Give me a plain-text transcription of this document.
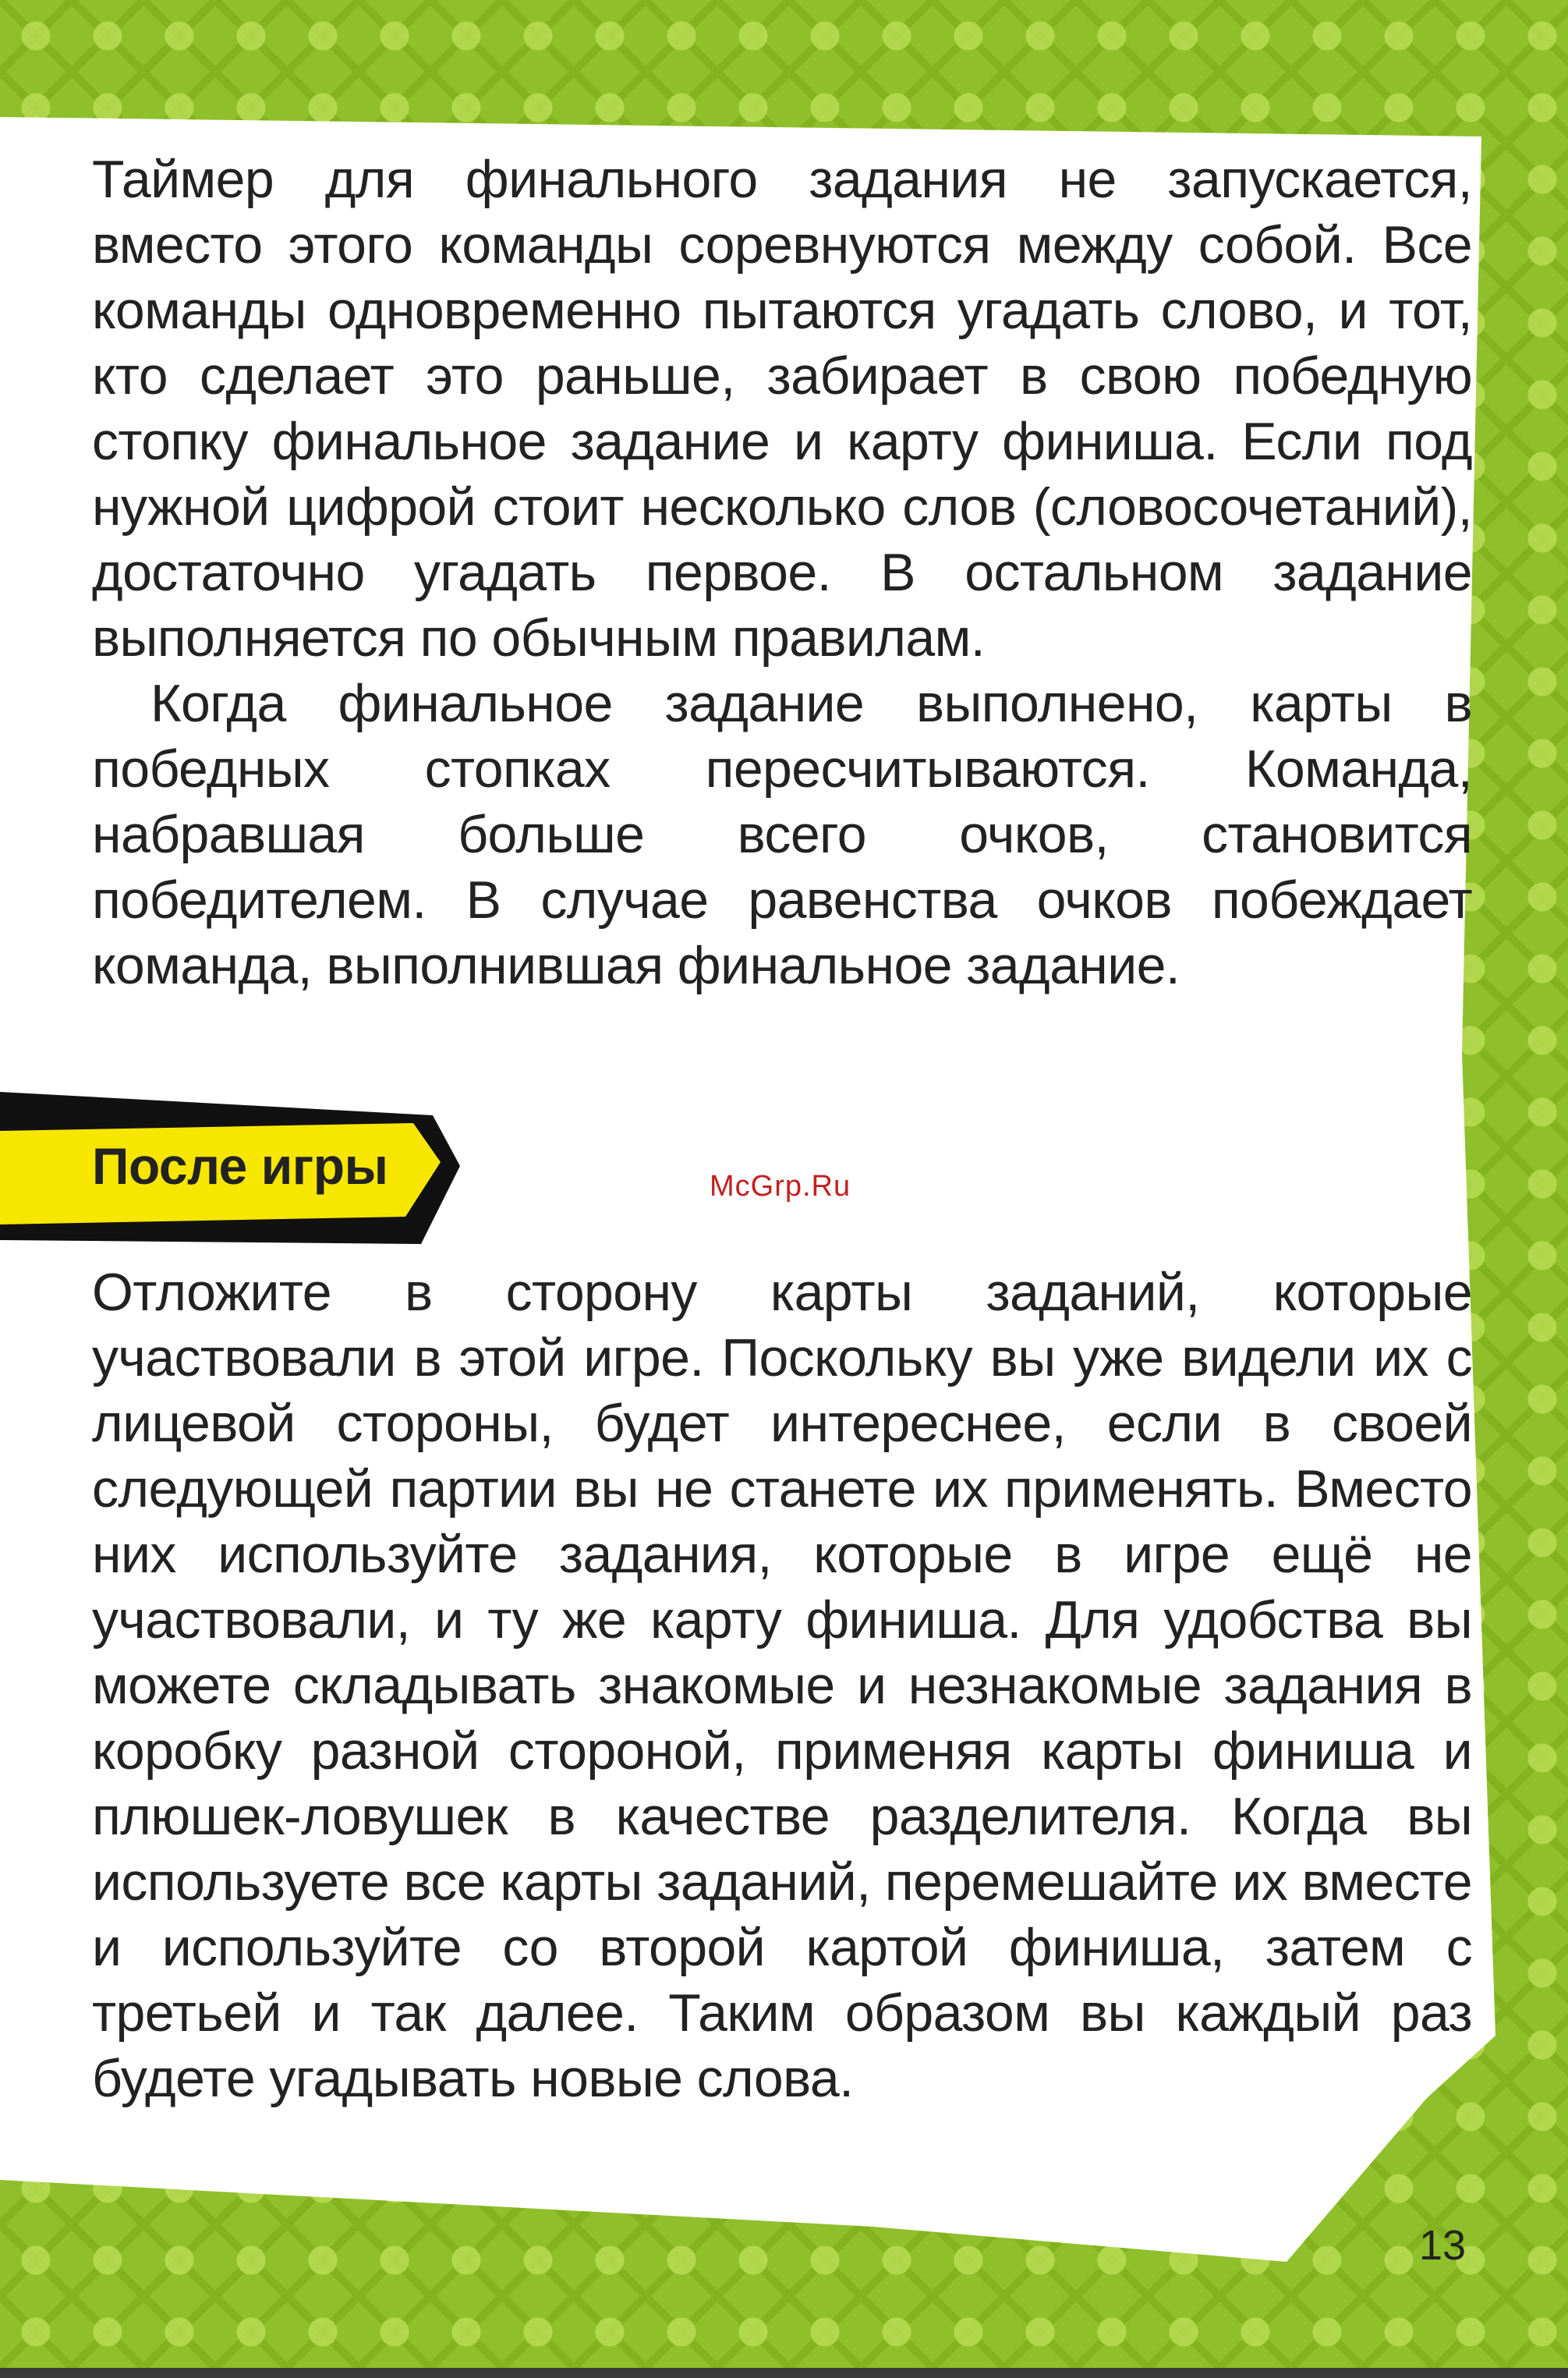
Таймер для финального задания не запускается, вместо этого команды соревнуются между собой. Все команды одновременно пытаются угадать слово, и тот, кто сделает это раньше, забирает в свою победную стопку финальное задание и карту финиша. Если под нужной цифрой стоит несколько слов (словосочетаний), достаточно угадать первое. В остальном задание выполняется по обычным правилам.

Когда финальное задание выполнено, карты в победных стопках пересчитываются. Команда, набравшая больше всего очков, становится победителем. В случае равенства очков побеждает команда, выполнившая финальное задание.

После игры	McGrp.Ru

Отложите в сторону карты заданий, которые участвовали в этой игре. Поскольку вы уже видели их с лицевой стороны, будет интереснее, если в своей следующей партии вы не станете их применять. Вместо них используйте задания, которые в игре ещё не участвовали, и ту же карту финиша. Для удобства вы можете складывать знакомые и незнакомые задания в коробку разной стороной, применяя карты финиша и плюшек-ловушек в качестве разделителя. Когда вы используете все карты заданий, перемешайте их вместе и используйте со второй картой финиша, затем с третьей и так далее. Таким образом вы каждый раз будете угадывать новые слова.

13
